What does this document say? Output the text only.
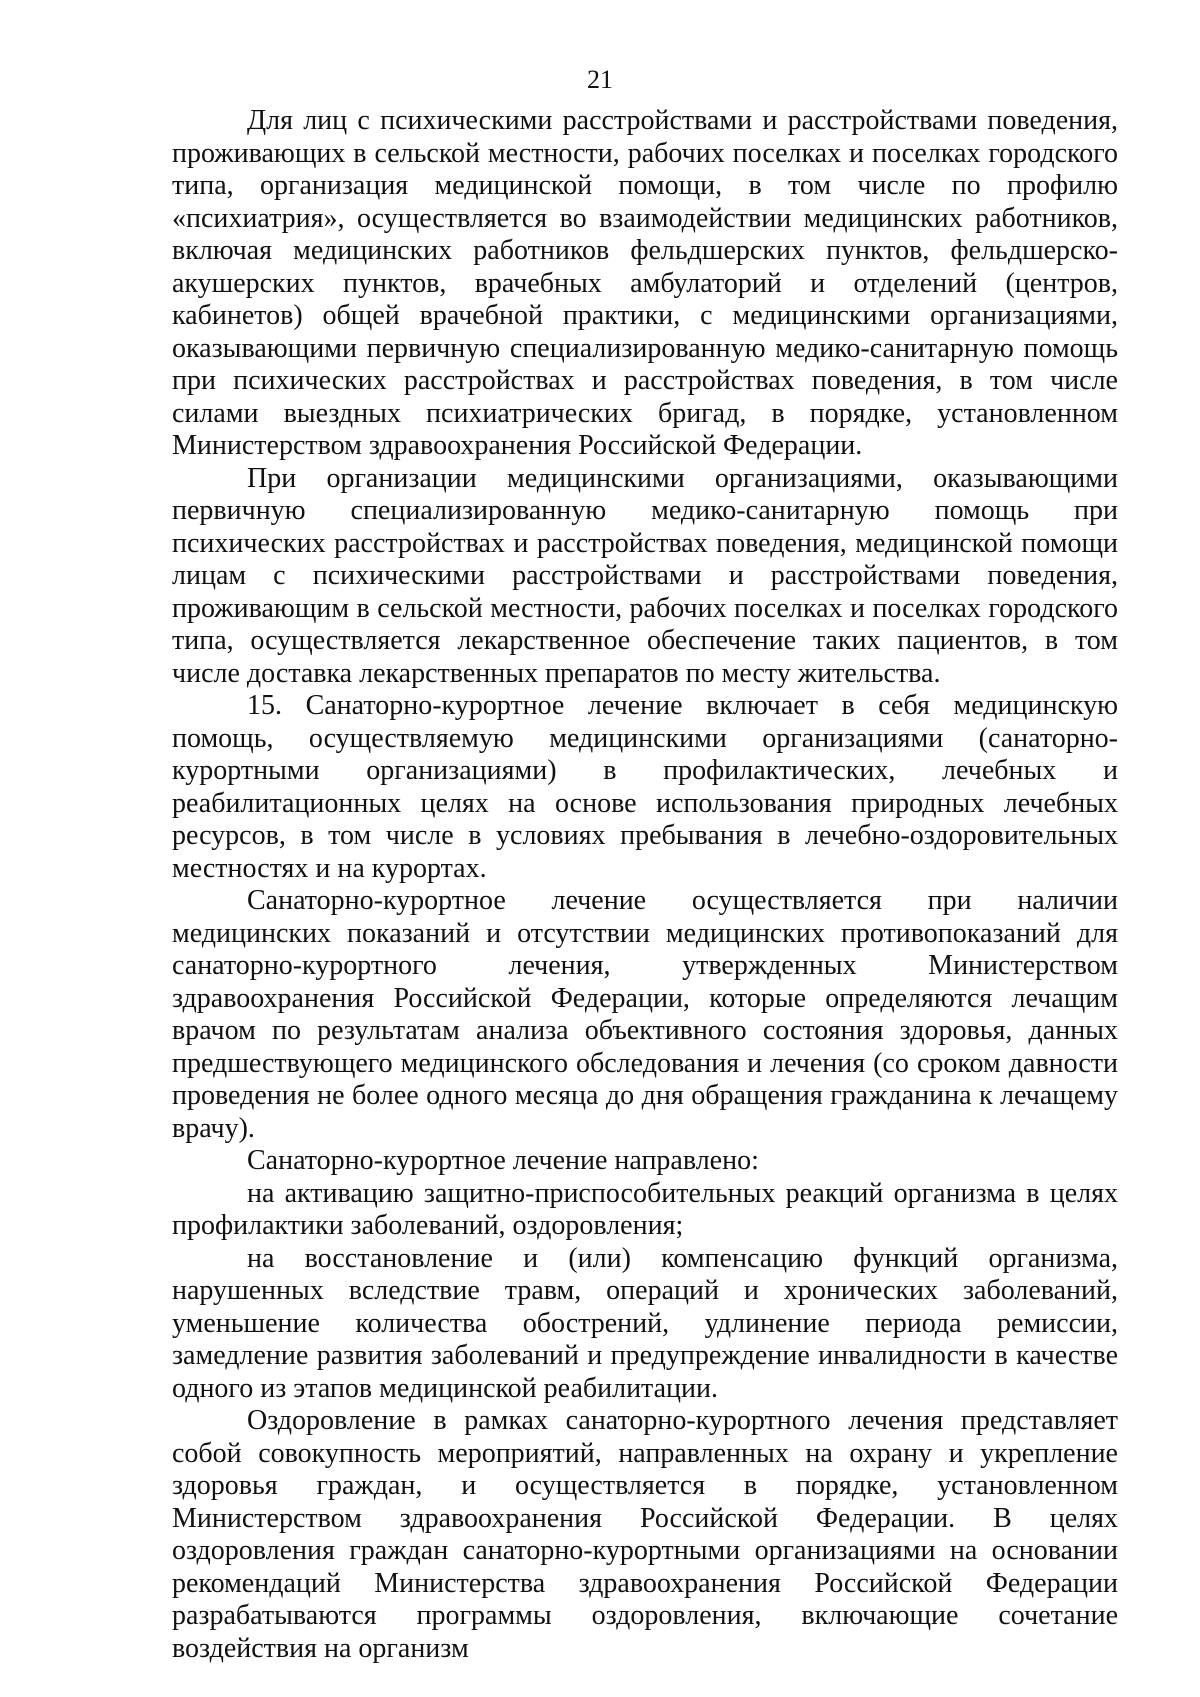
21

Для лиц с психическими расстройствами и расстройствами поведения, проживающих в сельской местности, рабочих поселках и поселках городского типа, организация медицинской помощи, в том числе по профилю «психиатрия», осуществляется во взаимодействии медицинских работников, включая медицинских работников фельдшерских пунктов, фельдшерско-акушерских пунктов, врачебных амбулаторий и отделений (центров, кабинетов) общей врачебной практики, с медицинскими организациями, оказывающими первичную специализированную медико-санитарную помощь при психических расстройствах и расстройствах поведения, в том числе силами выездных психиатрических бригад, в порядке, установленном Министерством здравоохранения Российской Федерации.

При организации медицинскими организациями, оказывающими первичную специализированную медико-санитарную помощь при психических расстройствах и расстройствах поведения, медицинской помощи лицам с психическими расстройствами и расстройствами поведения, проживающим в сельской местности, рабочих поселках и поселках городского типа, осуществляется лекарственное обеспечение таких пациентов, в том числе доставка лекарственных препаратов по месту жительства.

15. Санаторно-курортное лечение включает в себя медицинскую помощь, осуществляемую медицинскими организациями (санаторно-курортными организациями) в профилактических, лечебных и реабилитационных целях на основе использования природных лечебных ресурсов, в том числе в условиях пребывания в лечебно-оздоровительных местностях и на курортах.

Санаторно-курортное лечение осуществляется при наличии медицинских показаний и отсутствии медицинских противопоказаний для санаторно-курортного лечения, утвержденных Министерством здравоохранения Российской Федерации, которые определяются лечащим врачом по результатам анализа объективного состояния здоровья, данных предшествующего медицинского обследования и лечения (со сроком давности проведения не более одного месяца до дня обращения гражданина к лечащему врачу).

Санаторно-курортное лечение направлено:

на активацию защитно-приспособительных реакций организма в целях профилактики заболеваний, оздоровления;

на восстановление и (или) компенсацию функций организма, нарушенных вследствие травм, операций и хронических заболеваний, уменьшение количества обострений, удлинение периода ремиссии, замедление развития заболеваний и предупреждение инвалидности в качестве одного из этапов медицинской реабилитации.

Оздоровление в рамках санаторно-курортного лечения представляет собой совокупность мероприятий, направленных на охрану и укрепление здоровья граждан, и осуществляется в порядке, установленном Министерством здравоохранения Российской Федерации. В целях оздоровления граждан санаторно-курортными организациями на основании рекомендаций Министерства здравоохранения Российской Федерации разрабатываются программы оздоровления, включающие сочетание воздействия на организм
